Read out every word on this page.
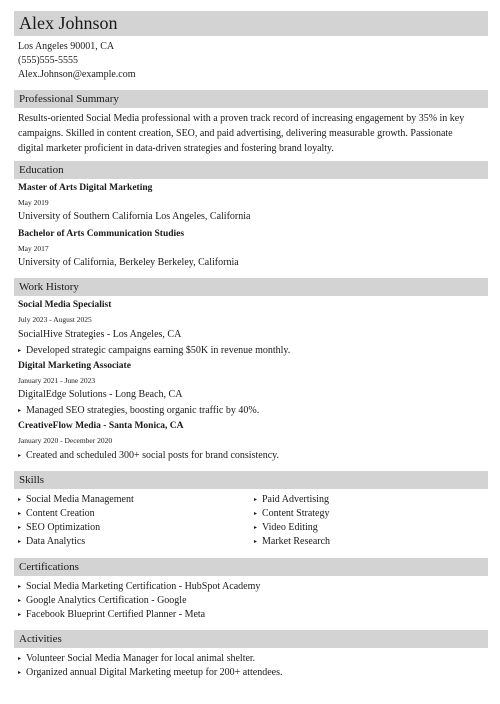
Alex Johnson
Los Angeles 90001, CA
(555)555-5555
Alex.Johnson@example.com
Professional Summary
Results-oriented Social Media professional with a proven track record of increasing engagement by 35% in key campaigns. Skilled in content creation, SEO, and paid advertising, delivering measurable growth. Passionate digital marketer proficient in data-driven strategies and fostering brand loyalty.
Education
Master of Arts Digital Marketing
May 2019
University of Southern California Los Angeles, California
Bachelor of Arts Communication Studies
May 2017
University of California, Berkeley Berkeley, California
Work History
Social Media Specialist
July 2023 - August 2025
SocialHive Strategies - Los Angeles, CA
▸ Developed strategic campaigns earning $50K in revenue monthly.
Digital Marketing Associate
January 2021 - June 2023
DigitalEdge Solutions - Long Beach, CA
▸ Managed SEO strategies, boosting organic traffic by 40%.
CreativeFlow Media - Santa Monica, CA
January 2020 - December 2020
▸ Created and scheduled 300+ social posts for brand consistency.
Skills
▸ Social Media Management
▸ Content Creation
▸ SEO Optimization
▸ Data Analytics
▸ Paid Advertising
▸ Content Strategy
▸ Video Editing
▸ Market Research
Certifications
▸ Social Media Marketing Certification - HubSpot Academy
▸ Google Analytics Certification - Google
▸ Facebook Blueprint Certified Planner - Meta
Activities
▸ Volunteer Social Media Manager for local animal shelter.
▸ Organized annual Digital Marketing meetup for 200+ attendees.
